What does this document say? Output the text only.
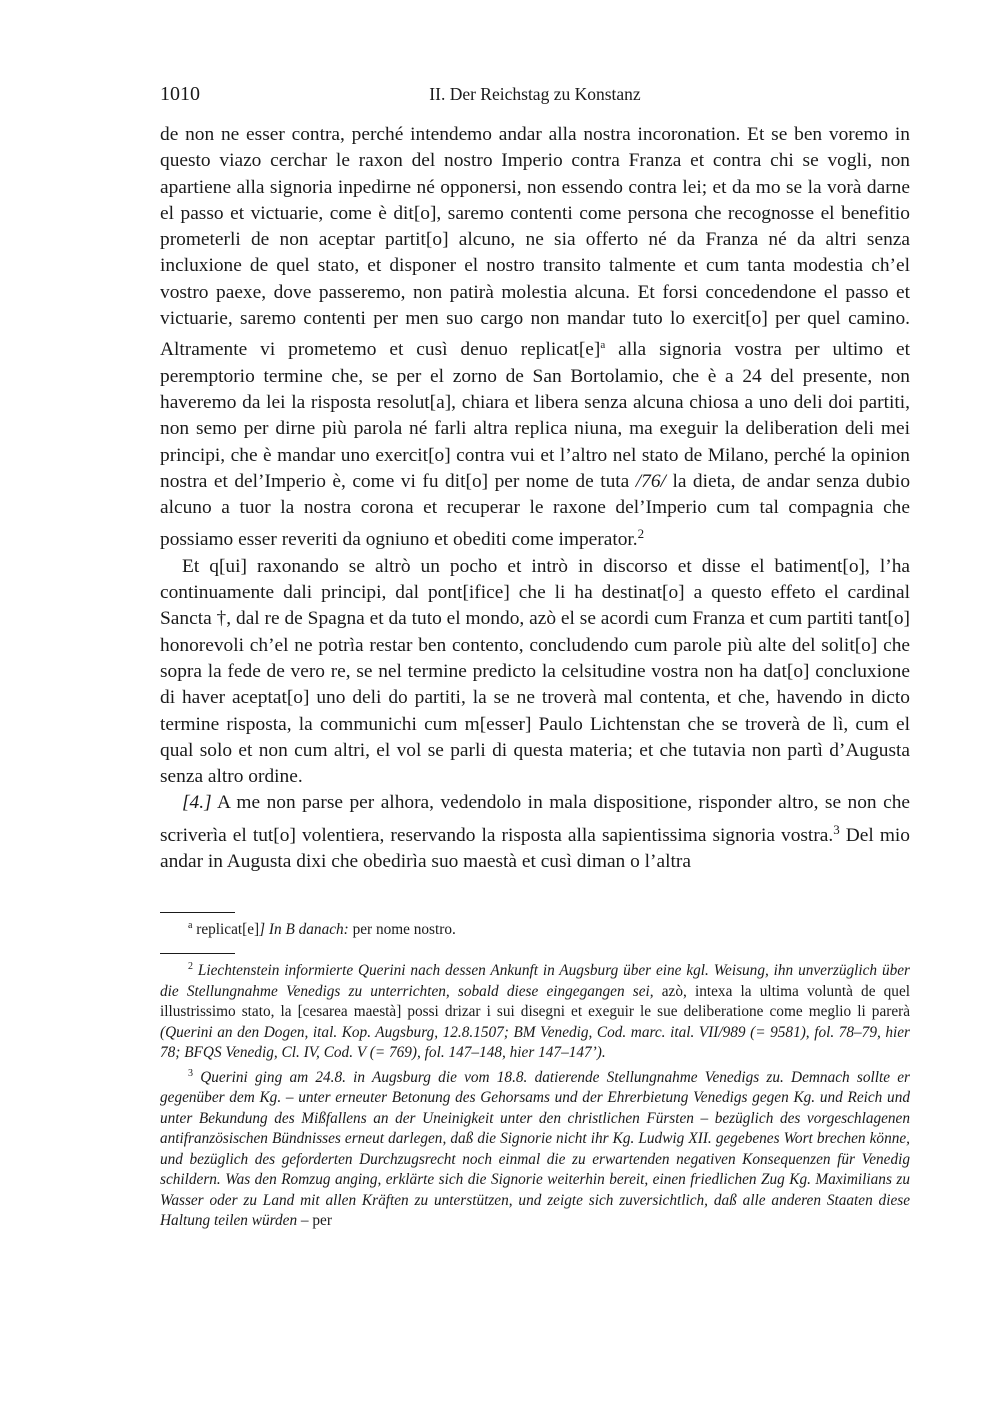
1010	II. Der Reichstag zu Konstanz

de non ne esser contra, perché intendemo andar alla nostra incoronation. Et se ben voremo in questo viazo cerchar le raxon del nostro Imperio contra Franza et contra chi se vogli, non apartiene alla signoria inpedirne né opponersi, non essendo contra lei; et da mo se la vorà darne el passo et victuarie, come è dit[o], saremo contenti come persona che recognosse el benefitio prometerli de non aceptar partit[o] alcuno, ne sia offerto né da Franza né da altri senza incluxione de quel stato, et disponer el nostro transito talmente et cum tanta modestia ch’el vostro paexe, dove passeremo, non patirà molestia alcuna. Et forsi concedendone el passo et victuarie, saremo contenti per men suo cargo non mandar tuto lo exercit[o] per quel camino. Altramente vi prometemo et cusì denuo $replicat[e]^a$ alla signoria vostra per ultimo et peremptorio termine che, se per el zorno de San Bortolamio, che è a 24 del presente, non haveremo da lei la risposta resolut[a], chiara et libera senza alcuna chiosa a uno deli doi partiti, non semo per dirne più parola né farli altra replica niuna, ma exeguir la deliberation deli mei principi, che è mandar uno exercit[o] contra vui et l’altro nel stato de Milano, perché la opinion nostra et del’Imperio è, come vi fu dit[o] per nome de tuta /76/ la dieta, de andar senza dubio alcuno a tuor la nostra corona et recuperar le raxone del’Imperio cum tal compagnia che possiamo esser reveriti da ogniuno et obediti come imperator.$^2$

Et q[ui] raxonando se altrò un pocho et intrò in discorso et disse el batiment[o], l’ha continuamente dali principi, dal pont[ifice] che li ha destinat[o] a questo effeto el cardinal Sancta †, dal re de Spagna et da tuto el mondo, azò el se acordi cum Franza et cum partiti tant[o] honorevoli ch’el ne potrìa restar ben contento, concludendo cum parole più alte del solit[o] che sopra la fede de vero re, se nel termine predicto la celsitudine vostra non ha dat[o] concluxione di haver aceptat[o] uno deli do partiti, la se ne troverà mal contenta, et che, havendo in dicto termine risposta, la communichi cum m[esser] Paulo Lichtenstan che se troverà de lì, cum el qual solo et non cum altri, el vol se parli di questa materia; et che tutavia non partì d’Augusta senza altro ordine.

[4.] A me non parse per alhora, vedendolo in mala dispositione, risponder altro, se non che scriverìa el tut[o] volentiera, reservando la risposta alla sapientissima signoria vostra.$^3$ Del mio andar in Augusta dixi che obedirìa suo maestà et cusì diman o l’altra

$^a$ replicat[e]] In B danach: per nome nostro.

$^2$ Liechtenstein informierte Querini nach dessen Ankunft in Augsburg über eine kgl. Weisung, ihn unverzüglich über die Stellungnahme Venedigs zu unterrichten, sobald diese eingegangen sei, azò, intexa la ultima voluntà de quel illustrissimo stato, la [cesarea maestà] possi drizar i sui disegni et exeguir le sue deliberatione come meglio li parerà (Querini an den Dogen, ital. Kop. Augsburg, 12.8.1507; BM Venedig, Cod. marc. ital. VII/989 (= 9581), fol. 78–79, hier 78; BFQS Venedig, Cl. IV, Cod. V (= 769), fol. 147–148, hier 147–147’).

$^3$ Querini ging am 24.8. in Augsburg die vom 18.8. datierende Stellungnahme Venedigs zu. Demnach sollte er gegenüber dem Kg. – unter erneuter Betonung des Gehorsams und der Ehrerbietung Venedigs gegen Kg. und Reich und unter Bekundung des Mißfallens an der Uneinigkeit unter den christlichen Fürsten – bezüglich des vorgeschlagenen antifranzösischen Bündnisses erneut darlegen, daß die Signorie nicht ihr Kg. Ludwig XII. gegebenes Wort brechen könne, und bezüglich des geforderten Durchzugsrecht noch einmal die zu erwartenden negativen Konsequenzen für Venedig schildern. Was den Romzug anging, erklärte sich die Signorie weiterhin bereit, einen friedlichen Zug Kg. Maximilians zu Wasser oder zu Land mit allen Kräften zu unterstützen, und zeigte sich zuversichtlich, daß alle anderen Staaten diese Haltung teilen würden – per
